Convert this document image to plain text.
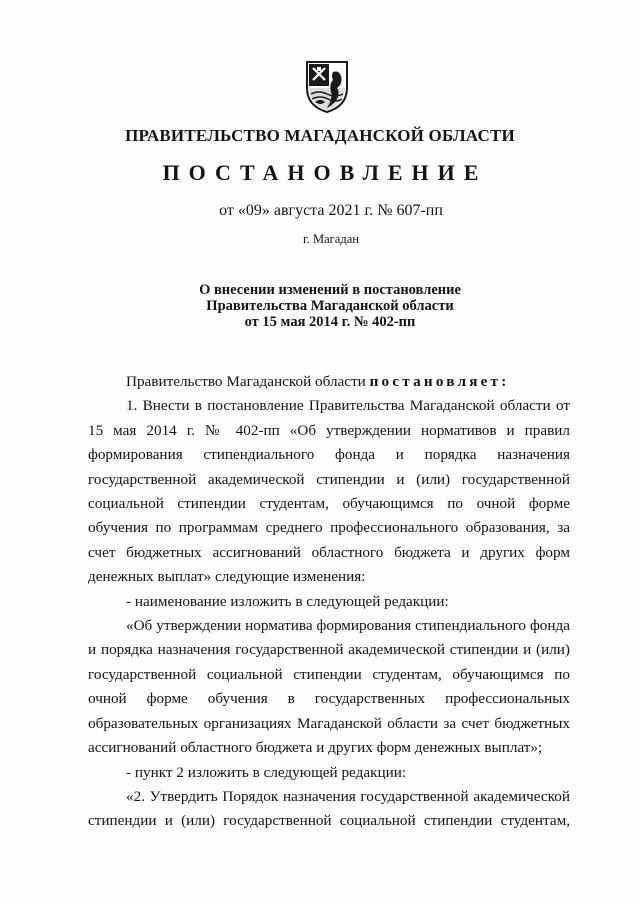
ПРАВИТЕЛЬСТВО МАГАДАНСКОЙ ОБЛАСТИ
ПОСТАНОВЛЕНИЕ
от «09» августа 2021 г. № 607-пп
г. Магадан
О внесении изменений в постановление
Правительства Магаданской области
от 15 мая 2014 г. № 402-пп

Правительство Магаданской области постановляет:

1. Внести в постановление Правительства Магаданской области от 15 мая 2014 г. № 402-пп «Об утверждении нормативов и правил формирования стипендиального фонда и порядка назначения государственной академической стипендии и (или) государственной социальной стипендии студентам, обучающимся по очной форме обучения по программам среднего профессионального образования, за счет бюджетных ассигнований областного бюджета и других форм денежных выплат» следующие изменения:

- наименование изложить в следующей редакции:

«Об утверждении норматива формирования стипендиального фонда и порядка назначения государственной академической стипендии и (или) государственной социальной стипендии студентам, обучающимся по очной форме обучения в государственных профессиональных образовательных организациях Магаданской области за счет бюджетных ассигнований областного бюджета и других форм денежных выплат»;

- пункт 2 изложить в следующей редакции:

«2. Утвердить Порядок назначения государственной академической стипендии и (или) государственной социальной стипендии студентам,
